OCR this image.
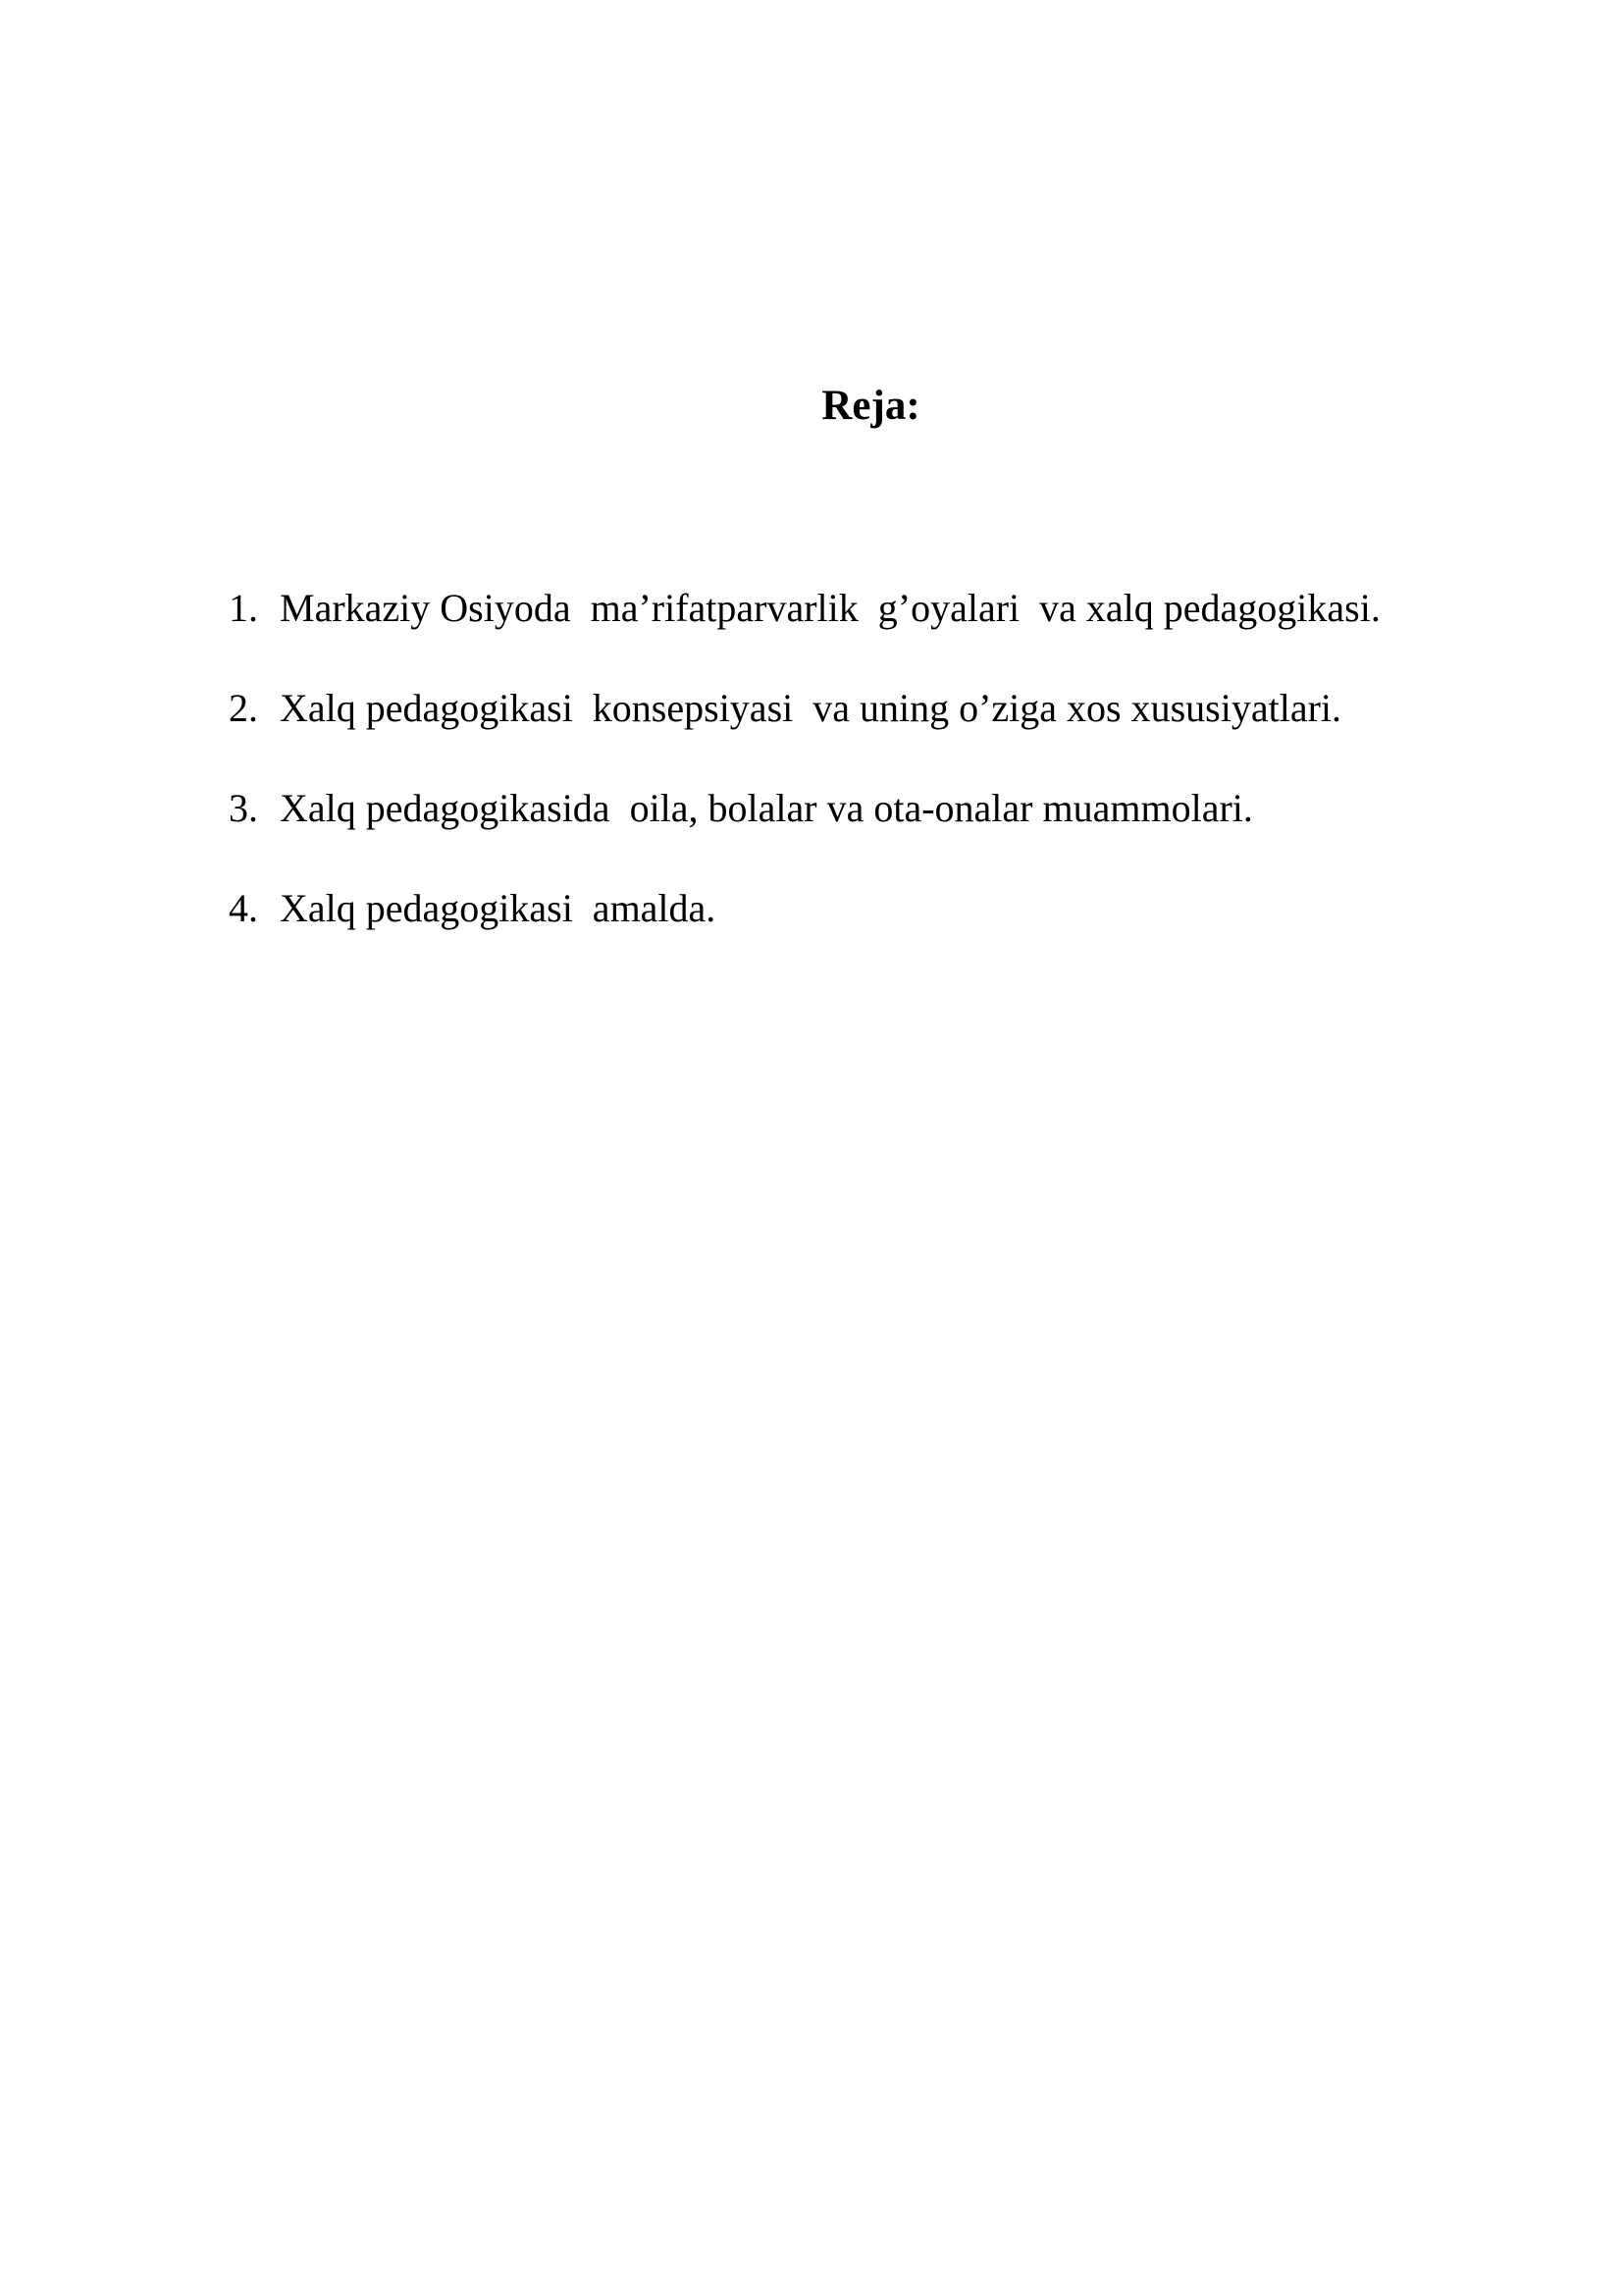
Reja:
1. Markaziy Osiyoda  ma’rifatparvarlik  g’oyalari  va xalq pedagogikasi.
2. Xalq pedagogikasi  konsepsiyasi  va uning o’ziga xos xususiyatlari.
3. Xalq pedagogikasida  oila, bolalar va ota-onalar muammolari.
4. Xalq pedagogikasi  amalda.
